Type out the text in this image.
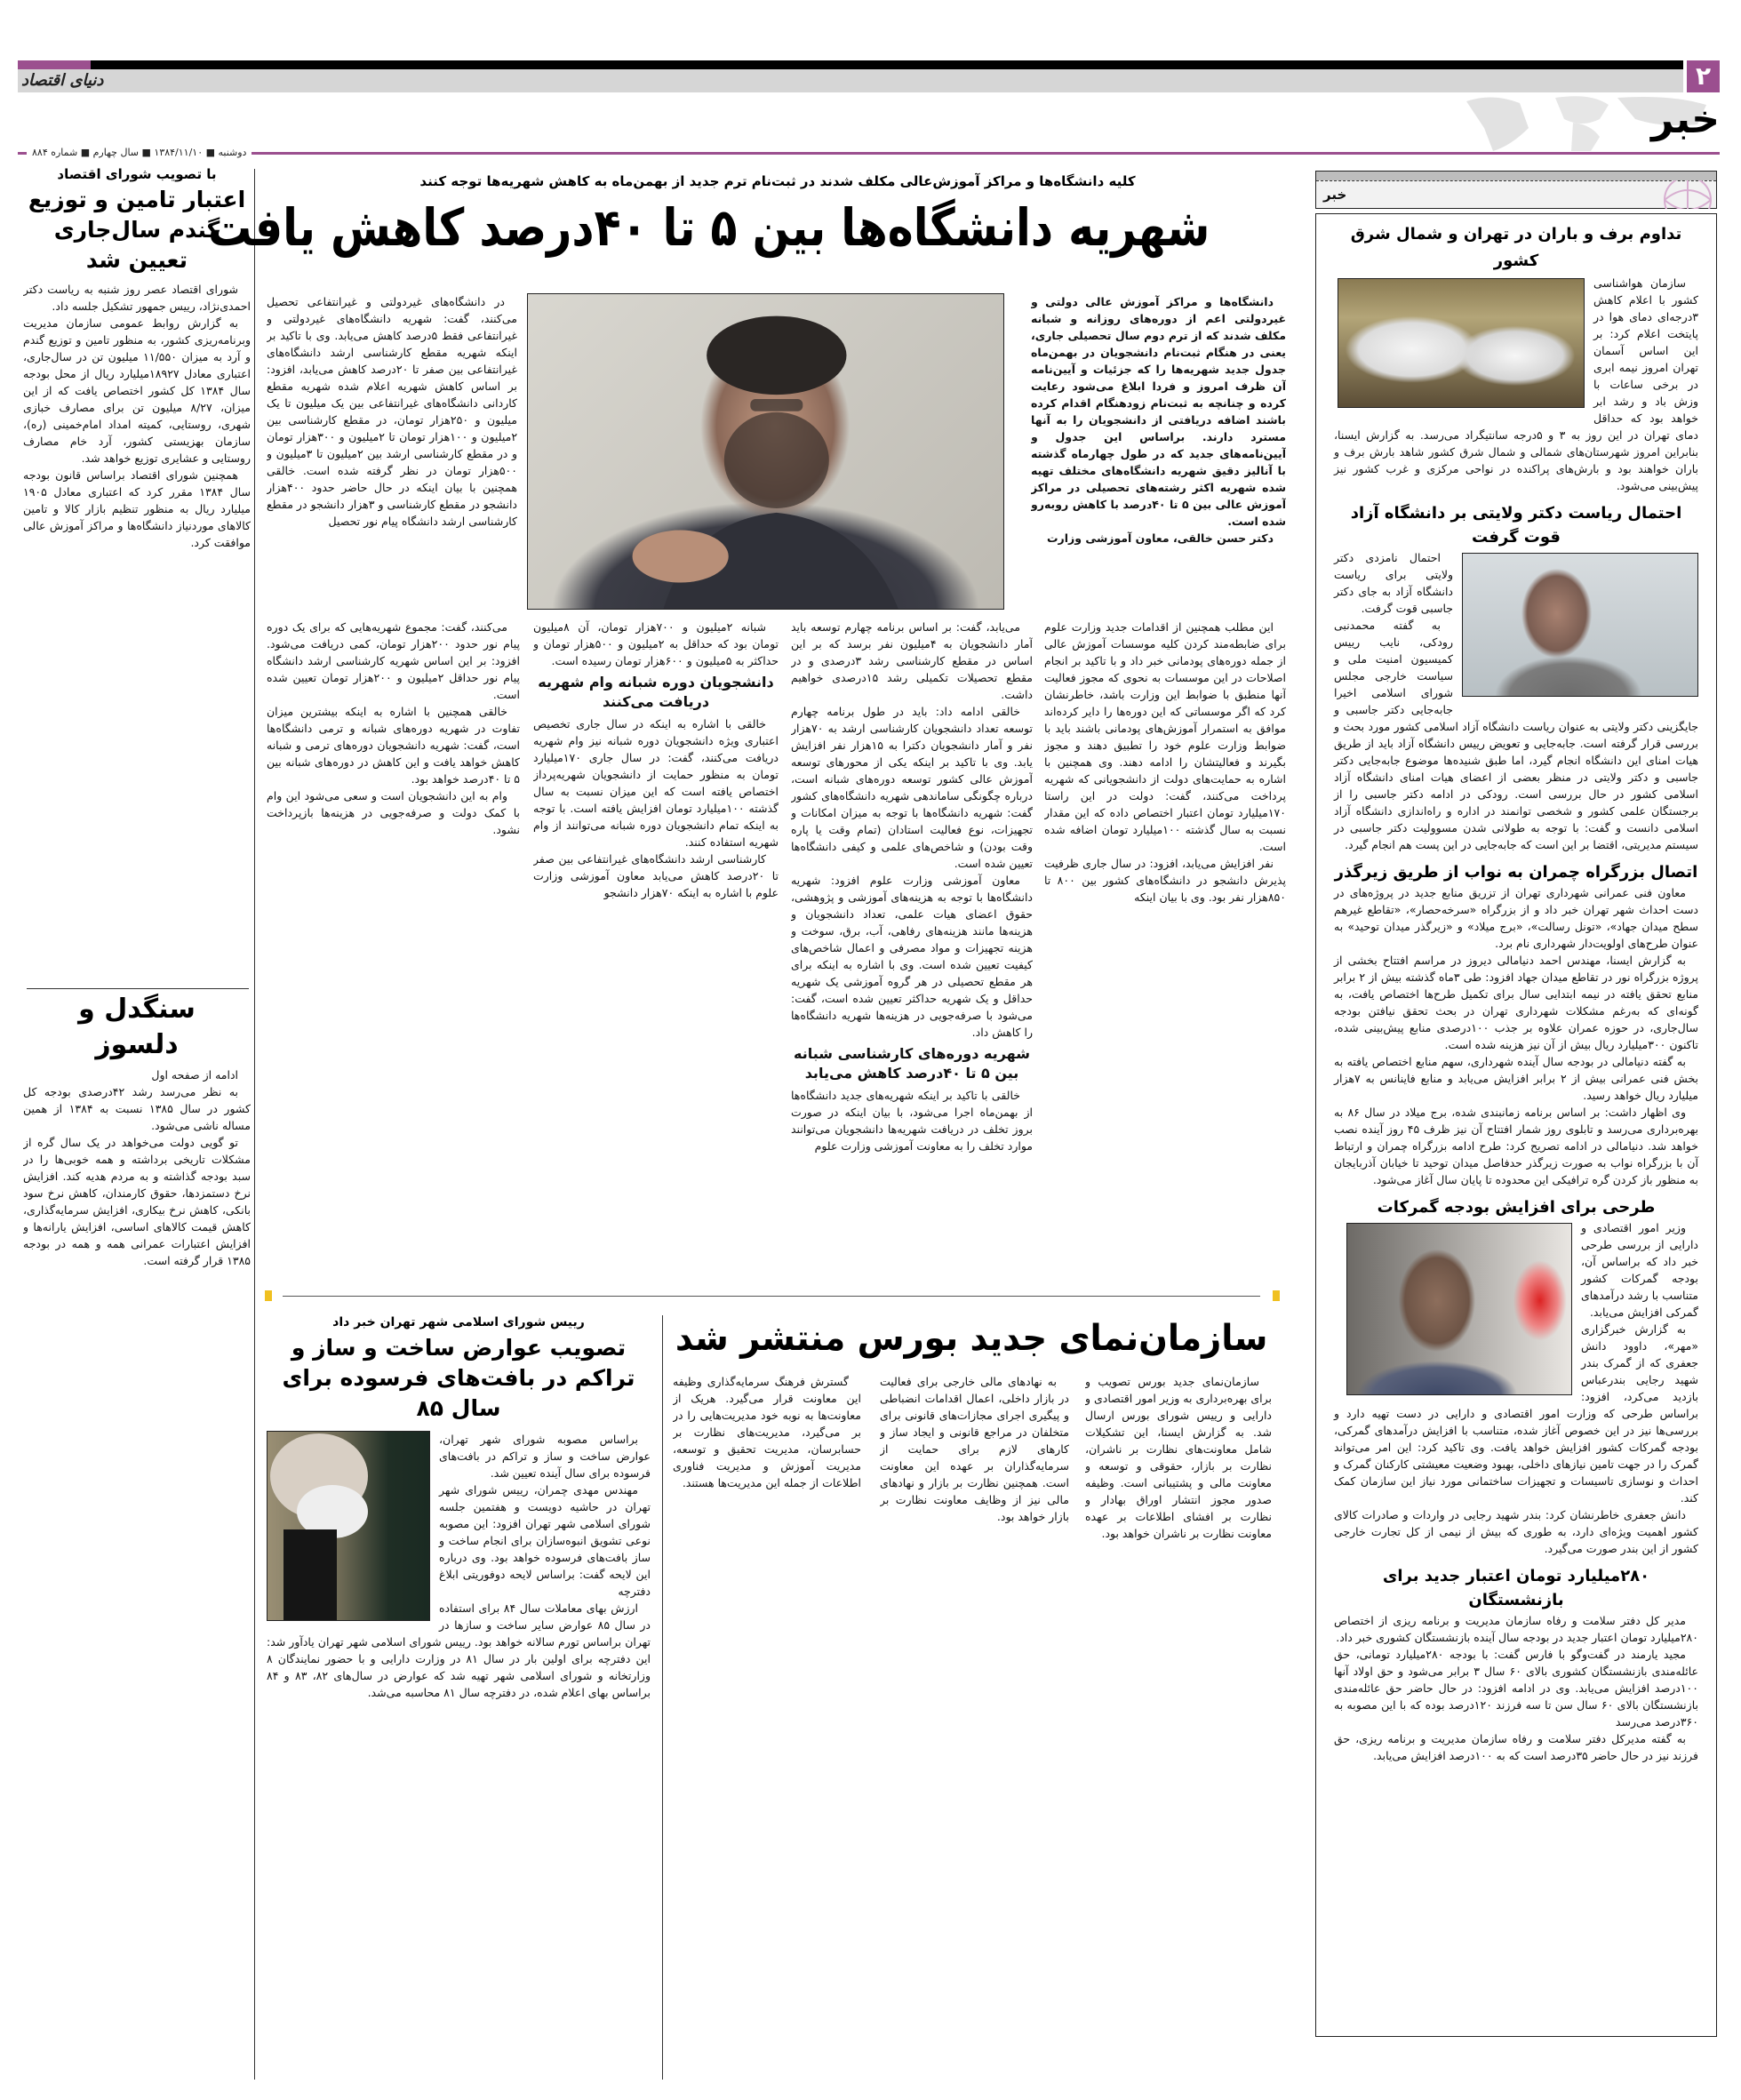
دنیای اقتصاد	۲
خبر
دوشنبه ■ ۱۳۸۴/۱۱/۱۰ ■ سال چهارم ■ شماره ۸۸۴
با تصویب شورای اقتصاد
اعتبار تامین و توزیع گندم سال‌جاری تعیین شد

شورای اقتصاد عصر روز شنبه به ریاست دکتر احمدی‌نژاد، رییس جمهور تشکیل جلسه داد.

به گزارش روابط عمومی سازمان مدیریت وبرنامه‌ریزی کشور، به منظور تامین و توزیع گندم و آرد به میزان ۱۱/۵۵۰ میلیون تن در سال‌جاری، اعتباری معادل ۱۸۹۲۷میلیارد ریال از محل بودجه سال ۱۳۸۴ کل کشور اختصاص یافت که از این میزان، ۸/۲۷ میلیون تن برای مصارف خبازی شهری، روستایی، کمیته امداد امام‌خمینی (ره)، سازمان بهزیستی کشور، آرد خام مصارف روستایی و عشایری توزیع خواهد شد.

همچنین شورای اقتصاد براساس قانون بودجه سال ۱۳۸۴ مقرر کرد که اعتباری معادل ۱۹۰۵ میلیارد ریال به منظور تنظیم بازار کالا و تامین کالاهای موردنیاز دانشگاه‌ها و مراکز آموزش عالی موافقت کرد.

سنگدل و دلسوز

ادامه از صفحه اول

به نظر می‌رسد رشد ۴۲درصدی بودجه کل کشور در سال ۱۳۸۵ نسبت به ۱۳۸۴ از همین مساله ناشی می‌شود.

تو گویی دولت می‌خواهد در یک سال گره از مشکلات تاریخی برداشته و همه خوبی‌ها را در سبد بودجه گذاشته و به مردم هدیه کند. افزایش نرخ دستمزدها، حقوق کارمندان، کاهش نرخ سود بانکی، کاهش نرخ بیکاری، افزایش سرمایه‌گذاری، کاهش قیمت کالاهای اساسی، افزایش یارانه‌ها و افزایش اعتبارات عمرانی همه و همه در بودجه ۱۳۸۵ قرار گرفته است.

کلیه دانشگاه‌ها و مراکز آموزش‌عالی مکلف شدند در ثبت‌نام ترم جدید از بهمن‌ماه به کاهش شهریه‌ها توجه کنند
شهریه دانشگاه‌ها بین ۵ تا ۴۰درصد کاهش یافت

دانشگاه‌ها و مراکز آموزش عالی دولتی و غیردولتی اعم از دوره‌های روزانه و شبانه مکلف شدند که از ترم دوم سال تحصیلی جاری، یعنی در هنگام ثبت‌نام دانشجویان در بهمن‌ماه جدول جدید شهریه‌ها را که جزئیات و آیین‌نامه آن ظرف امروز و فردا ابلاغ می‌شود رعایت کرده و چنانچه به ثبت‌نام زودهنگام اقدام کرده باشند اضافه دریافتی از دانشجویان را به آنها مسترد دارند. براساس این جدول و آیین‌نامه‌های جدید که در طول چهارماه گذشته با آنالیز دقیق شهریه دانشگاه‌های مختلف تهیه شده شهریه اکثر رشته‌های تحصیلی در مراکز آموزش عالی بین ۵ تا ۴۰درصد با کاهش روبه‌رو شده است.

دکتر حسن خالقی، معاون آموزشی وزارت

در دانشگاه‌های غیردولتی و غیرانتفاعی تحصیل می‌کنند، گفت: شهریه دانشگاه‌های غیردولتی و غیرانتفاعی فقط ۵درصد کاهش می‌یابد. وی با تاکید بر اینکه شهریه مقطع کارشناسی ارشد دانشگاه‌های غیرانتفاعی بین صفر تا ۲۰درصد کاهش می‌یابد، افزود: بر اساس کاهش شهریه اعلام شده شهریه مقطع کاردانی دانشگاه‌های غیرانتفاعی بین یک میلیون تا یک میلیون و ۲۵۰هزار تومان، در مقطع کارشناسی بین ۲میلیون و ۱۰۰هزار تومان تا ۲میلیون و ۳۰۰هزار تومان و در مقطع کارشناسی ارشد بین ۲میلیون تا ۳میلیون و ۵۰۰هزار تومان در نظر گرفته شده است. خالقی همچنین با بیان اینکه در حال حاضر حدود ۴۰۰هزار دانشجو در مقطع کارشناسی و ۳هزار دانشجو در مقطع کارشناسی ارشد دانشگاه پیام نور تحصیل

این مطلب همچنین از اقدامات جدید وزارت علوم برای ضابطه‌مند کردن کلیه موسسات آموزش عالی از جمله دوره‌های پودمانی خبر داد و با تاکید بر انجام اصلاحات در این موسسات به نحوی که مجوز فعالیت آنها منطبق با ضوابط این وزارت باشد، خاطرنشان کرد که اگر موسساتی که این دوره‌ها را دایر کرده‌اند موافق به استمرار آموزش‌های پودمانی باشند باید با ضوابط وزارت علوم خود را تطبیق دهند و مجوز بگیرند و فعالیتشان را ادامه دهند. وی همچنین با اشاره به حمایت‌های دولت از دانشجویانی که شهریه پرداخت می‌کنند، گفت: دولت در این راستا ۱۷۰میلیارد تومان اعتبار اختصاص داده که این مقدار نسبت به سال گذشته ۱۰۰میلیارد تومان اضافه شده است.

نفر افزایش می‌یابد، افزود: در سال جاری ظرفیت پذیرش دانشجو در دانشگاه‌های کشور بین ۸۰۰ تا ۸۵۰هزار نفر بود. وی با بیان اینکه

می‌یابد، گفت: بر اساس برنامه چهارم توسعه باید آمار دانشجویان به ۴میلیون نفر برسد که بر این اساس در مقطع کارشناسی رشد ۳درصدی و در مقطع تحصیلات تکمیلی رشد ۱۵درصدی خواهیم داشت.

خالقی ادامه داد: باید در طول برنامه چهارم توسعه تعداد دانشجویان کارشناسی ارشد به ۷۰هزار نفر و آمار دانشجویان دکترا به ۱۵هزار نفر افزایش یابد. وی با تاکید بر اینکه یکی از محورهای توسعه آموزش عالی کشور توسعه دوره‌های شبانه است، درباره چگونگی ساماندهی شهریه دانشگاه‌های کشور گفت: شهریه دانشگاه‌ها با توجه به میزان امکانات و تجهیزات، نوع فعالیت استادان (تمام وقت یا پاره وقت بودن) و شاخص‌های علمی و کیفی دانشگاه‌ها تعیین شده است.

معاون آموزشی وزارت علوم افزود: شهریه دانشگاه‌ها با توجه به هزینه‌های آموزشی و پژوهشی، حقوق اعضای هیات علمی، تعداد دانشجویان و هزینه‌ها مانند هزینه‌های رفاهی، آب، برق، سوخت و هزینه تجهیزات و مواد مصرفی و اعمال شاخص‌های کیفیت تعیین شده است. وی با اشاره به اینکه برای هر مقطع تحصیلی در هر گروه آموزشی یک شهریه حداقل و یک شهریه حداکثر تعیین شده است، گفت: می‌شود با صرفه‌جویی در هزینه‌ها شهریه دانشگاه‌ها را کاهش داد.

شهریه دوره‌های کارشناسی شبانه بین ۵ تا ۴۰درصد کاهش می‌یابد

خالقی با تاکید بر اینکه شهریه‌های جدید دانشگاه‌ها از بهمن‌ماه اجرا می‌شود، با بیان اینکه در صورت بروز تخلف در دریافت شهریه‌ها دانشجویان می‌توانند موارد تخلف را به معاونت آموزشی وزارت علوم

شبانه ۲میلیون و ۷۰۰هزار تومان، آن ۸میلیون تومان بود که حداقل به ۲میلیون و ۵۰۰هزار تومان و حداکثر به ۵میلیون و ۶۰۰هزار تومان رسیده است.

دانشجویان دوره شبانه وام شهریه دریافت می‌کنند

خالقی با اشاره به اینکه در سال جاری تخصیص اعتباری ویژه دانشجویان دوره شبانه نیز وام شهریه دریافت می‌کنند، گفت: در سال جاری ۱۷۰میلیارد تومان به منظور حمایت از دانشجویان شهریه‌پرداز اختصاص یافته است که این میزان نسبت به سال گذشته ۱۰۰میلیارد تومان افزایش یافته است. با توجه به اینکه تمام دانشجویان دوره شبانه می‌توانند از وام شهریه استفاده کنند.

کارشناسی ارشد دانشگاه‌های غیرانتفاعی بین صفر تا ۲۰درصد کاهش می‌یابد معاون آموزشی وزارت علوم با اشاره به اینکه ۷۰هزار دانشجو

می‌کنند، گفت: مجموع شهریه‌هایی که برای یک دوره پیام نور حدود ۲۰۰هزار تومان، کمی دریافت می‌شود. افزود: بر این اساس شهریه کارشناسی ارشد دانشگاه پیام نور حداقل ۲میلیون و ۲۰۰هزار تومان تعیین شده است.

خالقی همچنین با اشاره به اینکه بیشترین میزان تفاوت در شهریه دوره‌های شبانه و ترمی دانشگاه‌ها است، گفت: شهریه دانشجویان دوره‌های ترمی و شبانه کاهش خواهد یافت و این کاهش در دوره‌های شبانه بین ۵ تا ۴۰درصد خواهد بود.

وام به این دانشجویان است و سعی می‌شود این وام با کمک دولت و صرفه‌جویی در هزینه‌ها بازپرداخت نشود.

سازمان‌نمای جدید بورس منتشر شد

سازمان‌نمای جدید بورس تصویب و برای بهره‌برداری به وزیر امور اقتصادی و دارایی و رییس شورای بورس ارسال شد. به گزارش ایسنا، این تشکیلات شامل معاونت‌های نظارت بر ناشران، نظارت بر بازار، حقوقی و توسعه و معاونت مالی و پشتیبانی است. وظیفه صدور مجوز انتشار اوراق بهادار و نظارت بر افشای اطلاعات بر عهده معاونت نظارت بر ناشران خواهد بود.

به نهادهای مالی خارجی برای فعالیت در بازار داخلی، اعمال اقدامات انضباطی و پیگیری اجرای مجازات‌های قانونی برای متخلفان در مراجع قانونی و ایجاد ساز و کارهای لازم برای حمایت از سرمایه‌گذاران بر عهده این معاونت است. همچنین نظارت بر بازار و نهادهای مالی نیز از وظایف معاونت نظارت بر بازار خواهد بود.

گسترش فرهنگ سرمایه‌گذاری وظیفه این معاونت قرار می‌گیرد. هریک از معاونت‌ها به نوبه خود مدیریت‌هایی را در بر می‌گیرد، مدیریت‌های نظارت بر حسابرسان، مدیریت تحقیق و توسعه، مدیریت آموزش و مدیریت فناوری اطلاعات از جمله این مدیریت‌ها هستند.

رییس شورای اسلامی شهر تهران خبر داد
تصویب عوارض ساخت و ساز و تراکم در بافت‌های فرسوده برای سال ۸۵

براساس مصوبه شورای شهر تهران، عوارض ساخت و ساز و تراکم در بافت‌های فرسوده برای سال آینده تعیین شد.

مهندس مهدی چمران، رییس شورای شهر تهران در حاشیه دویست و هفتمین جلسه شورای اسلامی شهر تهران افزود: این مصوبه نوعی تشویق انبوه‌سازان برای انجام ساخت و ساز بافت‌های فرسوده خواهد بود. وی درباره این لایحه گفت: براساس لایحه دوفوریتی ابلاغ دفترچه

ارزش بهای معاملات سال ۸۴ برای استفاده در سال ۸۵ عوارض سایر ساخت و سازها در تهران براساس تورم سالانه خواهد بود. رییس شورای اسلامی شهر تهران یادآور شد: این دفترچه برای اولین بار در سال ۸۱ در وزارت دارایی و با حضور نمایندگان ۸ وزارتخانه و شورای اسلامی شهر تهیه شد که عوارض در سال‌های ۸۲، ۸۳ و ۸۴ براساس بهای اعلام شده، در دفترچه سال ۸۱ محاسبه می‌شد.

خبر
تداوم برف و باران در تهران و شمال شرق کشور

سازمان هواشناسی کشور با اعلام کاهش ۳درجه‌ای دمای هوا در پایتخت اعلام کرد: بر این اساس آسمان تهران امروز نیمه ابری در برخی ساعات با وزش باد و رشد ابر خواهد بود که حداقل دمای تهران در این روز به ۳ و ۵درجه سانتیگراد می‌رسد. به گزارش ایسنا، بنابراین امروز شهرستان‌های شمالی و شمال شرق کشور شاهد بارش برف و باران خواهند بود و بارش‌های پراکنده در نواحی مرکزی و غرب کشور نیز پیش‌بینی می‌شود.

احتمال ریاست دکتر ولایتی بر دانشگاه آزاد قوت گرفت

احتمال نامزدی دکتر ولایتی برای ریاست دانشگاه آزاد به جای دکتر جاسبی قوت گرفت.

به گفته محمدنبی رودکی، نایب رییس کمیسیون امنیت ملی و سیاست خارجی مجلس شورای اسلامی اخیرا جابه‌جایی دکتر جاسبی و جایگزینی دکتر ولایتی به عنوان ریاست دانشگاه آزاد اسلامی کشور مورد بحث و بررسی قرار گرفته است. جابه‌جایی و تعویض رییس دانشگاه آزاد باید از طریق هیات امنای این دانشگاه انجام گیرد، اما طبق شنیده‌ها موضوع جابه‌جایی دکتر جاسبی و دکتر ولایتی در منظر بعضی از اعضای هیات امنای دانشگاه آزاد اسلامی کشور در حال بررسی است. رودکی در ادامه دکتر جاسبی را از برجستگان علمی کشور و شخصی توانمند در اداره و راه‌اندازی دانشگاه آزاد اسلامی دانست و گفت: با توجه به طولانی شدن مسوولیت دکتر جاسبی در سیستم مدیریتی، اقتضا بر این است که جابه‌جایی در این پست هم انجام گیرد.

اتصال بزرگراه چمران به نواب از طریق زیرگذر

معاون فنی عمرانی شهرداری تهران از تزریق منابع جدید در پروژه‌های در دست احداث شهر تهران خبر داد و از بزرگراه «سرخه‌حصار»، «تقاطع غیرهم سطح میدان جهاد»، «تونل رسالت»، «برج میلاد» و «زیرگذر میدان توحید» به عنوان طرح‌های اولویت‌دار شهرداری نام برد.

به گزارش ایسنا، مهندس احمد دنیامالی دیروز در مراسم افتتاح بخشی از پروژه بزرگراه نور در تقاطع میدان جهاد افزود: طی ۳ماه گذشته بیش از ۲ برابر منابع تحقق یافته در نیمه ابتدایی سال برای تکمیل طرح‌ها اختصاص یافت، به گونه‌ای که به‌رغم مشکلات شهرداری تهران در بحث تحقق نیافتن بودجه سال‌جاری، در حوزه عمران علاوه بر جذب ۱۰۰درصدی منابع پیش‌بینی شده، تاکنون ۳۰۰میلیارد ریال بیش از آن نیز هزینه شده است.

به گفته دنیامالی در بودجه سال آینده شهرداری، سهم منابع اختصاص یافته به بخش فنی عمرانی بیش از ۲ برابر افزایش می‌یابد و منابع فاینانس به ۷هزار میلیارد ریال خواهد رسید.

وی اظهار داشت: بر اساس برنامه زمانبندی شده، برج میلاد در سال ۸۶ به بهره‌برداری می‌رسد و تابلوی روز شمار افتتاح آن نیز ظرف ۴۵ روز آینده نصب خواهد شد. دنیامالی در ادامه تصریح کرد: طرح ادامه بزرگراه چمران و ارتباط آن با بزرگراه نواب به صورت زیرگذر حدفاصل میدان توحید تا خیابان آذربایجان به منظور باز کردن گره ترافیکی این محدوده تا پایان سال آغاز می‌شود.

طرحی برای افزایش بودجه گمرکات

وزیر امور اقتصادی و دارایی از بررسی طرحی خبر داد که براساس آن، بودجه گمرکات کشور متناسب با رشد درآمدهای گمرکی افزایش می‌یابد.

به گزارش خبرگزاری «مهر»، داوود دانش جعفری که از گمرک بندر شهید رجایی بندرعباس بازدید می‌کرد، افزود: براساس طرحی که وزارت امور اقتصادی و دارایی در دست تهیه دارد و بررسی‌ها نیز در این خصوص آغاز شده، متناسب با افزایش درآمدهای گمرکی، بودجه گمرکات کشور افزایش خواهد یافت. وی تاکید کرد: این امر می‌تواند گمرک را در جهت تامین نیازهای داخلی، بهبود وضعیت معیشتی کارکنان گمرک و احداث و نوسازی تاسیسات و تجهیزات ساختمانی مورد نیاز این سازمان کمک کند.

دانش جعفری خاطرنشان کرد: بندر شهید رجایی در واردات و صادرات کالای کشور اهمیت ویژه‌ای دارد، به طوری که بیش از نیمی از کل تجارت خارجی کشور از این بندر صورت می‌گیرد.

۲۸۰میلیارد تومان اعتبار جدید برای بازنشستگان

مدیر کل دفتر سلامت و رفاه سازمان مدیریت و برنامه ریزی از اختصاص ۲۸۰میلیارد تومان اعتبار جدید در بودجه سال آینده بازنشستگان کشوری خبر داد.

مجید یارمند در گفت‌وگو با فارس گفت: با بودجه ۲۸۰میلیارد تومانی، حق عائله‌مندی بازنشستگان کشوری بالای ۶۰ سال ۳ برابر می‌شود و حق اولاد آنها ۱۰۰درصد افزایش می‌یابد. وی در ادامه افزود: در حال حاضر حق عائله‌مندی بازنشستگان بالای ۶۰ سال سن تا سه فرزند ۱۲۰درصد بوده که با این مصوبه به ۳۶۰درصد می‌رسد

به گفته مدیرکل دفتر سلامت و رفاه سازمان مدیریت و برنامه ریزی، حق فرزند نیز در حال حاضر ۳۵درصد است که به ۱۰۰درصد افزایش می‌یابد.
